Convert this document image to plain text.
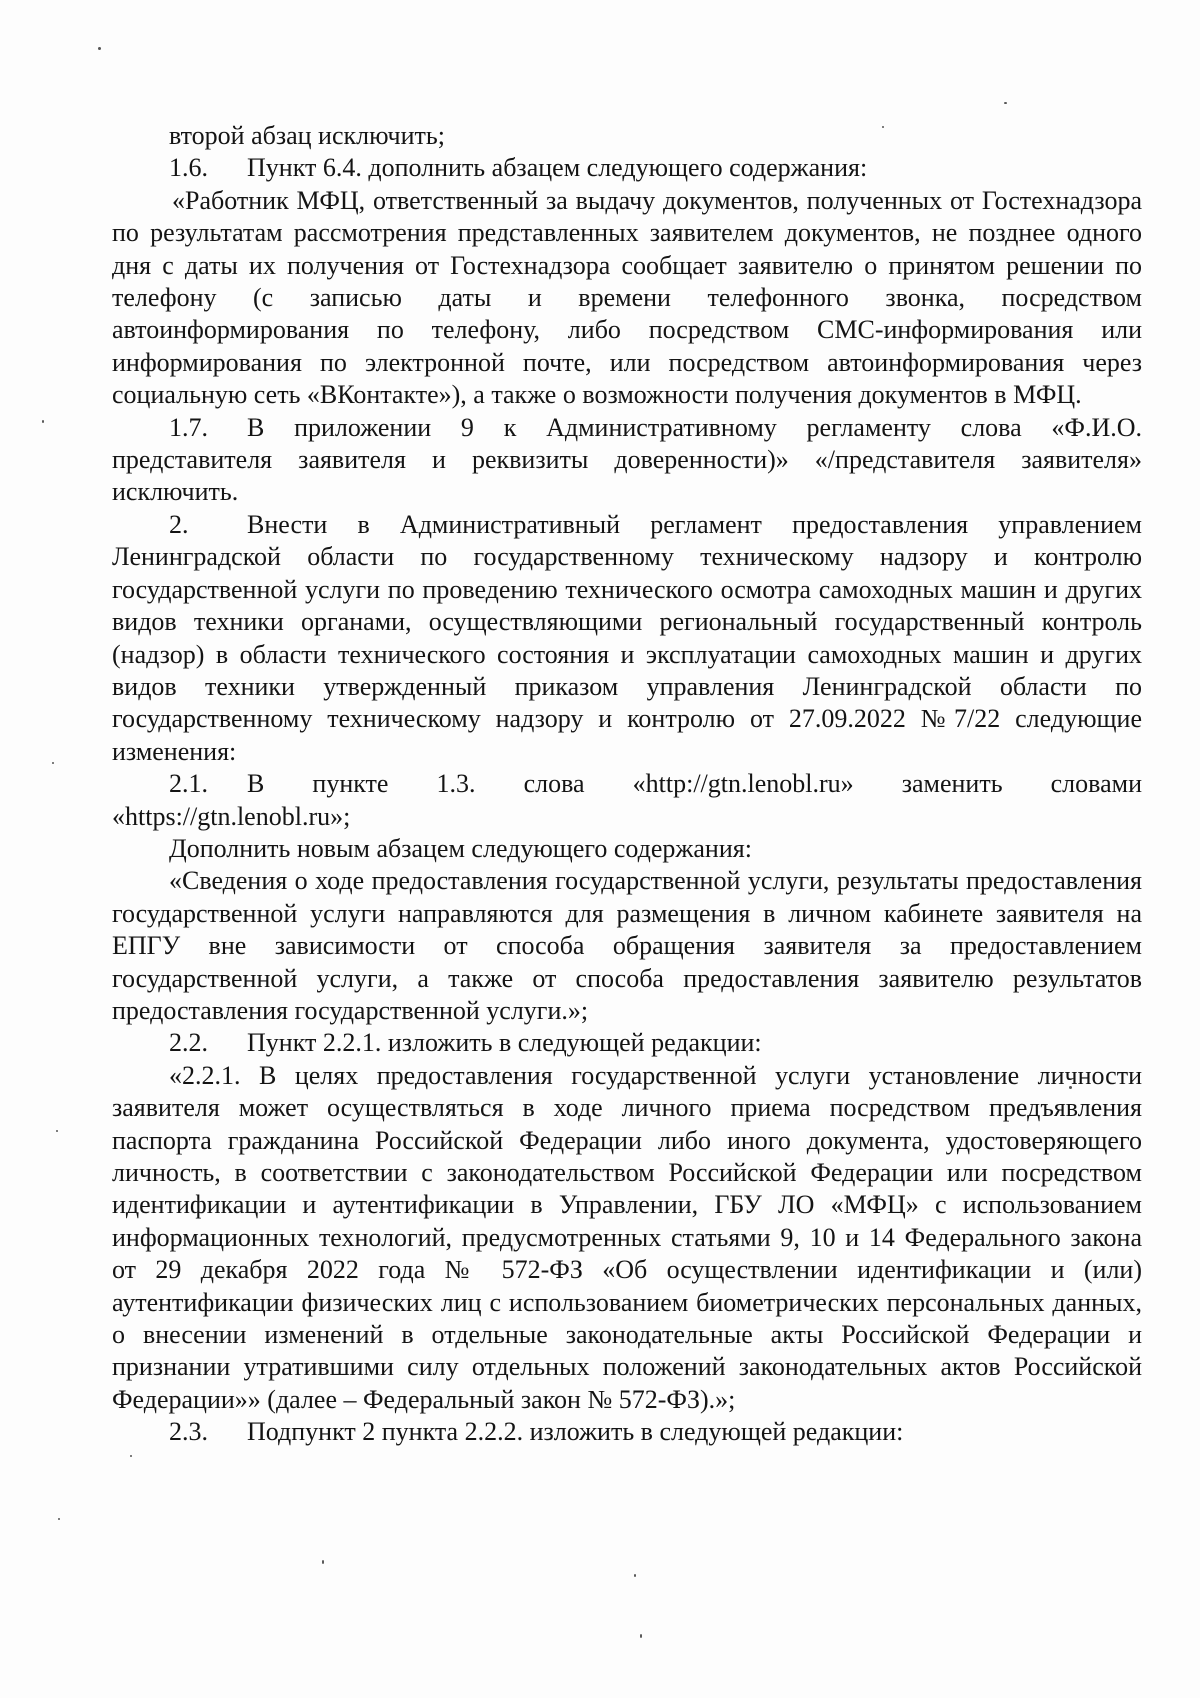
второй абзац исключить;

1.6. Пункт 6.4. дополнить абзацем следующего содержания:

«Работник МФЦ, ответственный за выдачу документов, полученных от Гостехнадзора по результатам рассмотрения представленных заявителем документов, не позднее одного дня с даты их получения от Гостехнадзора сообщает заявителю о принятом решении по телефону (с записью даты и времени телефонного звонка, посредством автоинформирования по телефону, либо посредством СМС-информирования или информирования по электронной почте, или посредством автоинформирования через социальную сеть «ВКонтакте»), а также о возможности получения документов в МФЦ.

1.7. В приложении 9 к Административному регламенту слова «Ф.И.О. представителя заявителя и реквизиты доверенности)» «/представителя заявителя» исключить.

2. Внести в Административный регламент предоставления управлением Ленинградской области по государственному техническому надзору и контролю государственной услуги по проведению технического осмотра самоходных машин и других видов техники органами, осуществляющими региональный государственный контроль (надзор) в области технического состояния и эксплуатации самоходных машин и других видов техники утвержденный приказом управления Ленинградской области по государственному техническому надзору и контролю от 27.09.2022 №7/22 следующие изменения:

2.1. В пункте 1.3. слова «http://gtn.lenobl.ru» заменить словами «https://gtn.lenobl.ru»;

Дополнить новым абзацем следующего содержания:

«Сведения о ходе предоставления государственной услуги, результаты предоставления государственной услуги направляются для размещения в личном кабинете заявителя на ЕПГУ вне зависимости от способа обращения заявителя за предоставлением государственной услуги, а также от способа предоставления заявителю результатов предоставления государственной услуги.»;

2.2. Пункт 2.2.1. изложить в следующей редакции:

«2.2.1. В целях предоставления государственной услуги установление личности заявителя может осуществляться в ходе личного приема посредством предъявления паспорта гражданина Российской Федерации либо иного документа, удостоверяющего личность, в соответствии с законодательством Российской Федерации или посредством идентификации и аутентификации в Управлении, ГБУ ЛО «МФЦ» с использованием информационных технологий, предусмотренных статьями 9, 10 и 14 Федерального закона от 29 декабря 2022 года № 572-ФЗ «Об осуществлении идентификации и (или) аутентификации физических лиц с использованием биометрических персональных данных, о внесении изменений в отдельные законодательные акты Российской Федерации и признании утратившими силу отдельных положений законодательных актов Российской Федерации»» (далее – Федеральный закон № 572-ФЗ).»;

2.3. Подпункт 2 пункта 2.2.2. изложить в следующей редакции:
